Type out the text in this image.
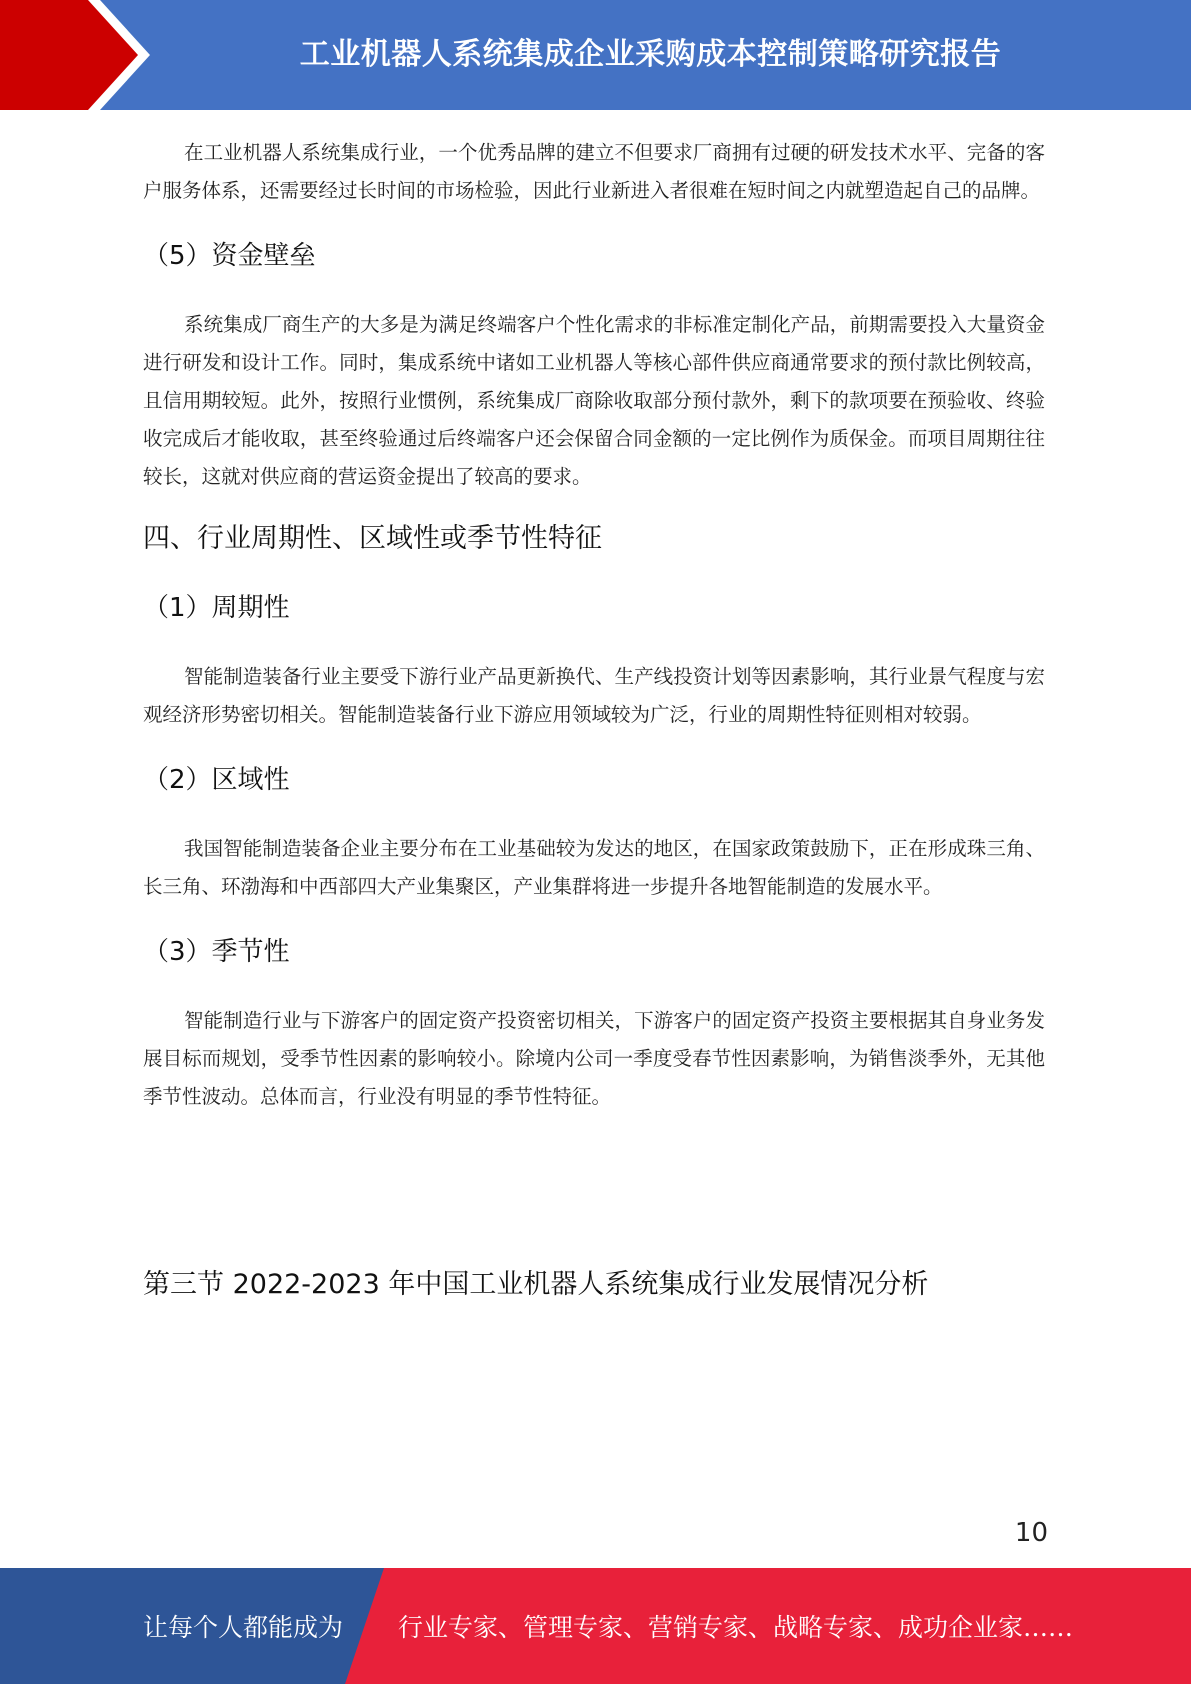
工业机器人系统集成企业采购成本控制策略研究报告

在工业机器人系统集成行业，一个优秀品牌的建立不但要求厂商拥有过硬的研发技术水平、完备的客户服务体系，还需要经过长时间的市场检验，因此行业新进入者很难在短时间之内就塑造起自己的品牌。

（5）资金壁垒

系统集成厂商生产的大多是为满足终端客户个性化需求的非标准定制化产品，前期需要投入大量资金进行研发和设计工作。同时，集成系统中诸如工业机器人等核心部件供应商通常要求的预付款比例较高，且信用期较短。此外，按照行业惯例，系统集成厂商除收取部分预付款外，剩下的款项要在预验收、终验收完成后才能收取，甚至终验通过后终端客户还会保留合同金额的一定比例作为质保金。而项目周期往往较长，这就对供应商的营运资金提出了较高的要求。

四、行业周期性、区域性或季节性特征
（1）周期性

智能制造装备行业主要受下游行业产品更新换代、生产线投资计划等因素影响，其行业景气程度与宏观经济形势密切相关。智能制造装备行业下游应用领域较为广泛，行业的周期性特征则相对较弱。

（2）区域性

我国智能制造装备企业主要分布在工业基础较为发达的地区，在国家政策鼓励下，正在形成珠三角、长三角、环渤海和中西部四大产业集聚区，产业集群将进一步提升各地智能制造的发展水平。

（3）季节性

智能制造行业与下游客户的固定资产投资密切相关，下游客户的固定资产投资主要根据其自身业务发展目标而规划，受季节性因素的影响较小。除境内公司一季度受春节性因素影响，为销售淡季外，无其他季节性波动。总体而言，行业没有明显的季节性特征。

第三节 2022-2023 年中国工业机器人系统集成行业发展情况分析
10
让每个人都能成为 行业专家、管理专家、营销专家、战略专家、成功企业家……
